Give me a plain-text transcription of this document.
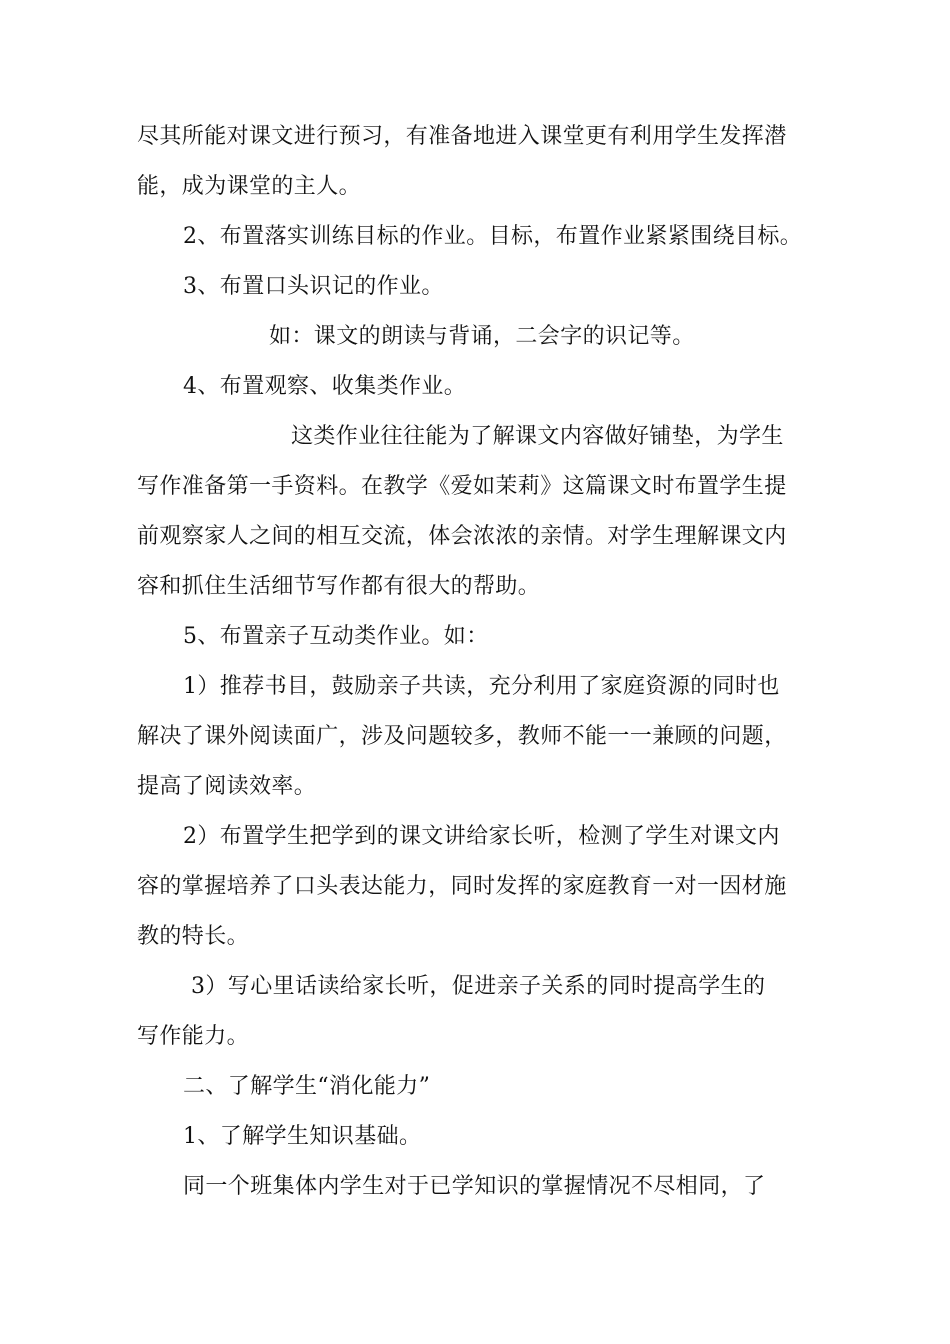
尽其所能对课文进行预习，有准备地进入课堂更有利用学生发挥潜
能，成为课堂的主人。
2、布置落实训练目标的作业。目标，布置作业紧紧围绕目标。
3、布置口头识记的作业。
如：课文的朗读与背诵，二会字的识记等。
4、布置观察、收集类作业。
这类作业往往能为了解课文内容做好铺垫，为学生
写作准备第一手资料。在教学《爱如茉莉》这篇课文时布置学生提
前观察家人之间的相互交流，体会浓浓的亲情。对学生理解课文内
容和抓住生活细节写作都有很大的帮助。
5、布置亲子互动类作业。如：
1）推荐书目，鼓励亲子共读，充分利用了家庭资源的同时也
解决了课外阅读面广，涉及问题较多，教师不能一一兼顾的问题，
提高了阅读效率。
2）布置学生把学到的课文讲给家长听，检测了学生对课文内
容的掌握培养了口头表达能力，同时发挥的家庭教育一对一因材施
教的特长。
3）写心里话读给家长听，促进亲子关系的同时提高学生的
写作能力。
二、了解学生“消化能力”
1、了解学生知识基础。
同一个班集体内学生对于已学知识的掌握情况不尽相同，了
